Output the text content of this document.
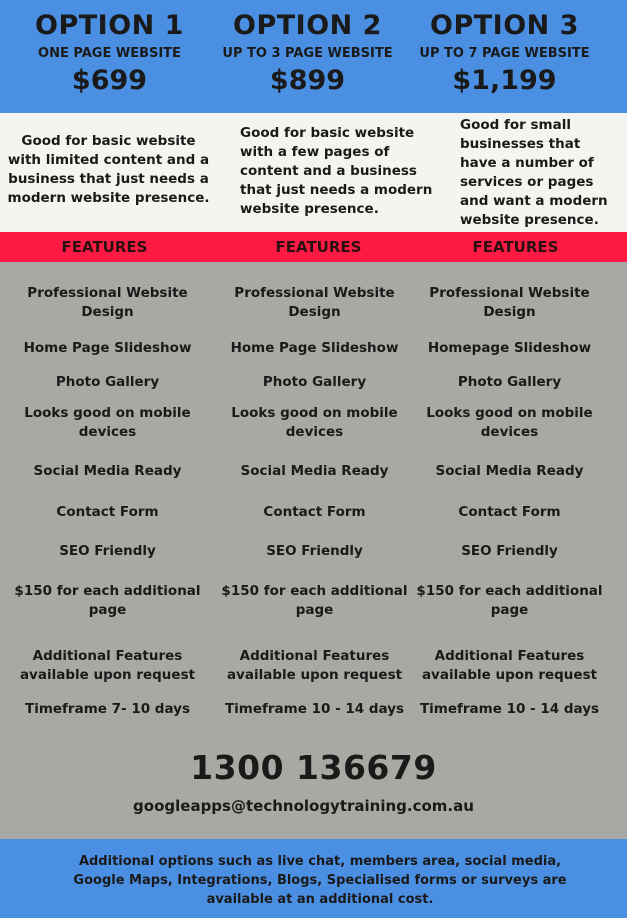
OPTION 1
ONE PAGE WEBSITE
$699
OPTION 2
UP TO 3 PAGE WEBSITE
$899
OPTION 3
UP TO 7 PAGE WEBSITE
$1,199
Good for basic website with limited content and a business that just needs a modern website presence.
Good for basic website with a few pages of content and a business that just needs a modern website presence.
Good for small businesses that have a number of services or pages and want a modern website presence.
FEATURES	FEATURES	FEATURES
Professional Website Design
Home Page Slideshow
Photo Gallery
Looks good on mobile devices
Social Media Ready
Contact Form
SEO Friendly
$150 for each additional page
Additional Features available upon request
Timeframe 7- 10 days
Professional Website Design
Home Page Slideshow
Photo Gallery
Looks good on mobile devices
Social Media Ready
Contact Form
SEO Friendly
$150 for each additional page
Additional Features available upon request
Timeframe 10 - 14 days
Professional Website Design
Homepage Slideshow
Photo Gallery
Looks good on mobile devices
Social Media Ready
Contact Form
SEO Friendly
$150 for each additional page
Additional Features available upon request
Timeframe 10 - 14 days
1300 136679
googleapps@technologytraining.com.au
Additional options such as live chat, members area, social media, Google Maps, Integrations, Blogs, Specialised forms or surveys are available at an additional cost.
